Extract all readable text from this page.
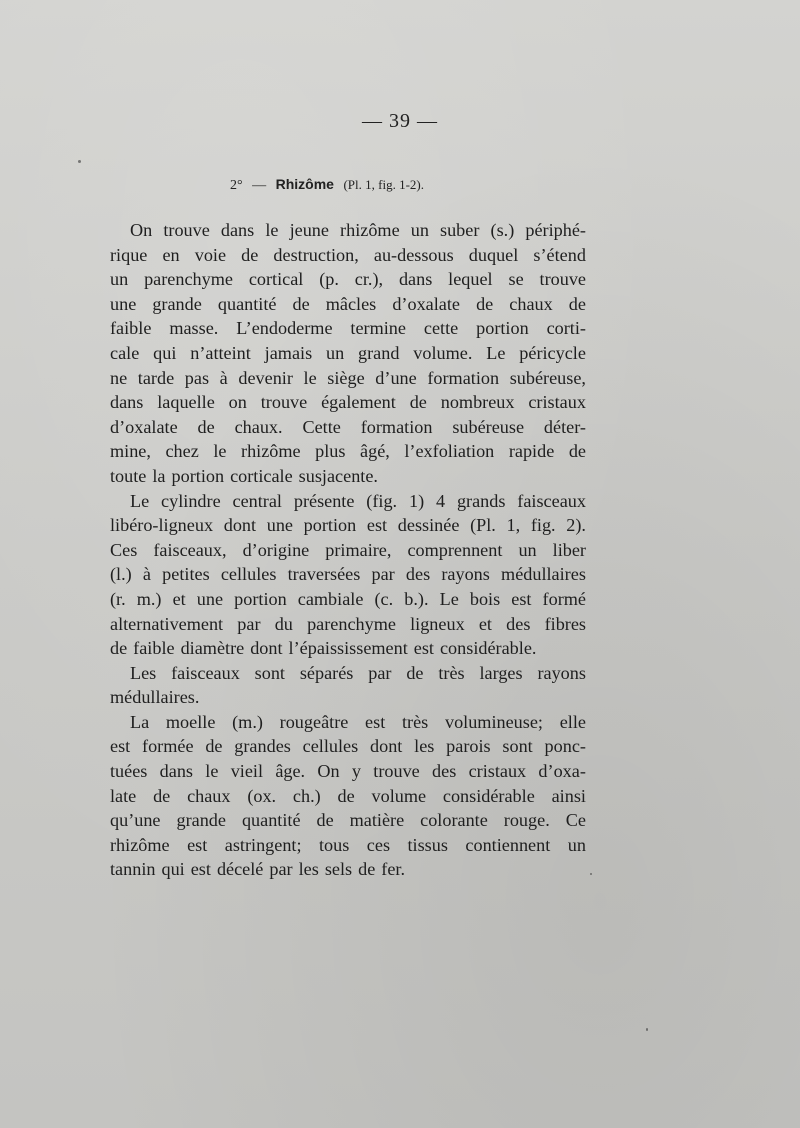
— 39 —
2° — Rhizôme (Pl. 1, fig. 1-2).
On trouve dans le jeune rhizôme un suber (s.) périphé-
rique en voie de destruction, au-dessous duquel s’étend
un parenchyme cortical (p. cr.), dans lequel se trouve
une grande quantité de mâcles d’oxalate de chaux de
faible masse. L’endoderme termine cette portion corti-
cale qui n’atteint jamais un grand volume. Le péricycle
ne tarde pas à devenir le siège d’une formation subéreuse,
dans laquelle on trouve également de nombreux cristaux
d’oxalate de chaux. Cette formation subéreuse déter-
mine, chez le rhizôme plus âgé, l’exfoliation rapide de
toute la portion corticale susjacente.
Le cylindre central présente (fig. 1) 4 grands faisceaux
libéro-ligneux dont une portion est dessinée (Pl. 1, fig. 2).
Ces faisceaux, d’origine primaire, comprennent un liber
(l.) à petites cellules traversées par des rayons médullaires
(r. m.) et une portion cambiale (c. b.). Le bois est formé
alternativement par du parenchyme ligneux et des fibres
de faible diamètre dont l’épaississement est considérable.
Les faisceaux sont séparés par de très larges rayons
médullaires.
La moelle (m.) rougeâtre est très volumineuse; elle
est formée de grandes cellules dont les parois sont ponc-
tuées dans le vieil âge. On y trouve des cristaux d’oxa-
late de chaux (ox. ch.) de volume considérable ainsi
qu’une grande quantité de matière colorante rouge. Ce
rhizôme est astringent; tous ces tissus contiennent un
tannin qui est décelé par les sels de fer.
